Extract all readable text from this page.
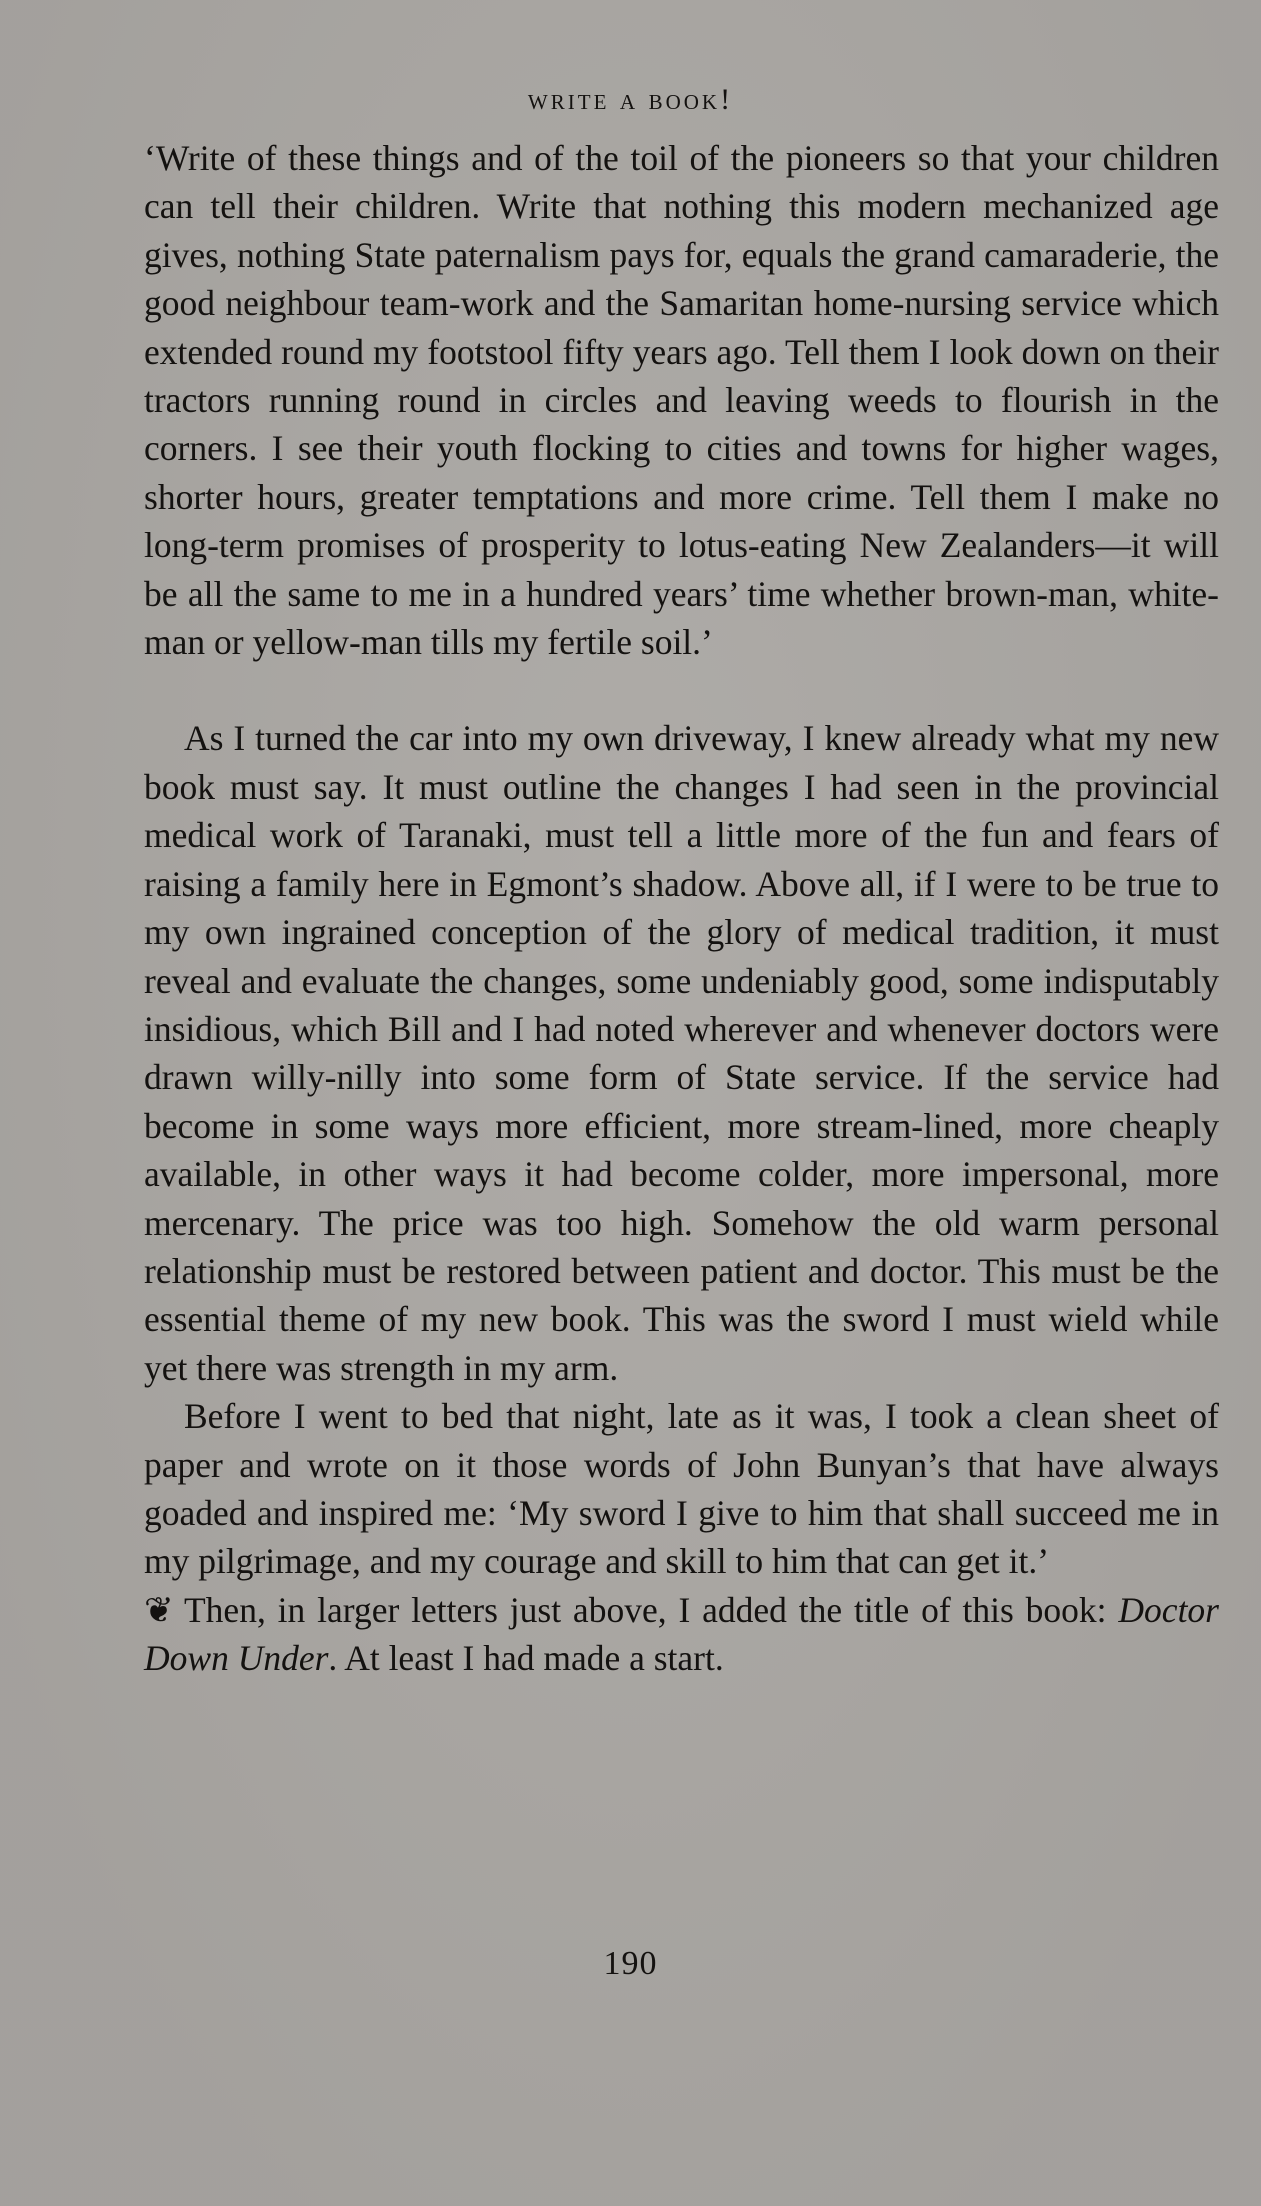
write a book!

‘Write of these things and of the toil of the pioneers so that your children can tell their children. Write that nothing this modern mechanized age gives, nothing State paternalism pays for, equals the grand camaraderie, the good neighbour team-work and the Samaritan home-nursing service which extended round my footstool fifty years ago. Tell them I look down on their tractors running round in circles and leaving weeds to flourish in the corners. I see their youth flocking to cities and towns for higher wages, shorter hours, greater temptations and more crime. Tell them I make no long-term promises of prosperity to lotus-eating New Zealanders—it will be all the same to me in a hundred years’ time whether brown-man, white-man or yellow-man tills my fertile soil.’

As I turned the car into my own driveway, I knew already what my new book must say. It must outline the changes I had seen in the provincial medical work of Taranaki, must tell a little more of the fun and fears of raising a family here in Egmont’s shadow. Above all, if I were to be true to my own ingrained conception of the glory of medical tradition, it must reveal and evaluate the changes, some undeniably good, some indisputably insidious, which Bill and I had noted wherever and whenever doctors were drawn willy-nilly into some form of State service. If the service had become in some ways more efficient, more stream-lined, more cheaply available, in other ways it had become colder, more impersonal, more mercenary. The price was too high. Somehow the old warm personal relationship must be restored between patient and doctor. This must be the essential theme of my new book. This was the sword I must wield while yet there was strength in my arm.

Before I went to bed that night, late as it was, I took a clean sheet of paper and wrote on it those words of John Bunyan’s that have always goaded and inspired me: ‘My sword I give to him that shall succeed me in my pilgrimage, and my courage and skill to him that can get it.’

❦ Then, in larger letters just above, I added the title of this book: Doctor Down Under. At least I had made a start.

190
